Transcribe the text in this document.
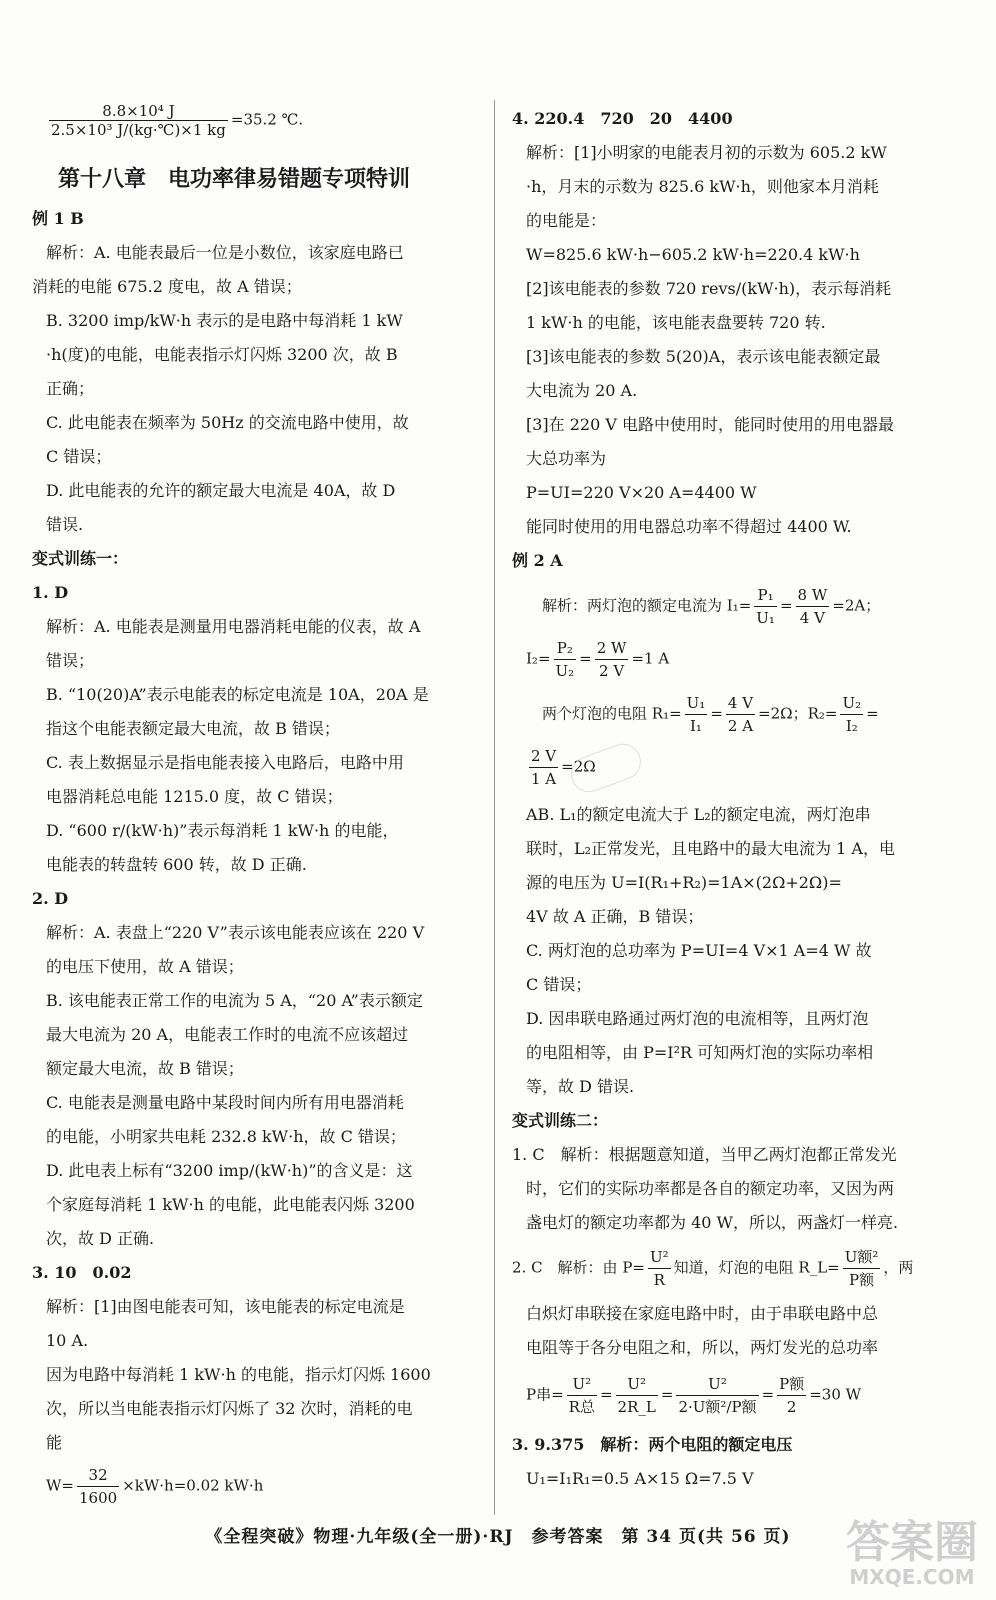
$\frac{\text{8.8×10⁴ J}}{\text{2.5×10³ J/(kg·℃)×1 kg}} =35.2$ ℃.
第十八章　电功率律易错题专项特训
例 1 B
解析：A. 电能表最后一位是小数位，该家庭电路已
消耗的电能 675.2 度电，故 A 错误；
B. 3200 imp/kW·h 表示的是电路中每消耗 1 kW
·h(度)的电能，电能表指示灯闪烁 3200 次，故 B
正确；
C. 此电能表在频率为 50Hz 的交流电路中使用，故
C 错误；
D. 此电能表的允许的额定最大电流是 40A，故 D
错误.
变式训练一：
1. D
解析：A. 电能表是测量用电器消耗电能的仪表，故 A
错误；
B. “10(20)A”表示电能表的标定电流是 10A，20A 是
指这个电能表额定最大电流，故 B 错误；
C. 表上数据显示是指电能表接入电路后，电路中用
电器消耗总电能 1215.0 度，故 C 错误；
D. “600 r/(kW·h)”表示每消耗 1 kW·h 的电能，
电能表的转盘转 600 转，故 D 正确.
2. D
解析：A. 表盘上“220 V”表示该电能表应该在 220 V
的电压下使用，故 A 错误；
B. 该电能表正常工作的电流为 5 A，“20 A”表示额定
最大电流为 20 A，电能表工作时的电流不应该超过
额定最大电流，故 B 错误；
C. 电能表是测量电路中某段时间内所有用电器消耗
的电能，小明家共电耗 232.8 kW·h，故 C 错误；
D. 此电表上标有“3200 imp/(kW·h)”的含义是：这
个家庭每消耗 1 kW·h 的电能，此电能表闪烁 3200
次，故 D 正确.
3. 10　0.02
解析：[1]由图电能表可知，该电能表的标定电流是
10 A.
因为电路中每消耗 1 kW·h 的电能，指示灯闪烁 1600
次，所以当电能表指示灯闪烁了 32 次时，消耗的电
能
$W= \frac{32}{1600} \times kW\cdot h=0.02$ kW·h
4. 220.4　720　20　4400
解析：[1]小明家的电能表月初的示数为 605.2 kW
·h，月末的示数为 825.6 kW·h，则他家本月消耗
的电能是：
W=825.6 kW·h−605.2 kW·h=220.4 kW·h
[2]该电能表的参数 720 revs/(kW·h)，表示每消耗
1 kW·h 的电能，该电能表盘要转 720 转.
[3]该电能表的参数 5(20)A，表示该电能表额定最
大电流为 20 A.
[3]在 220 V 电路中使用时，能同时使用的用电器最
大总功率为
P=UI=220 V×20 A=4400 W
能同时使用的用电器总功率不得超过 4400 W.
例 2 A
解析：两灯泡的额定电流为 $I_1= \frac{\text{P₁}}{\text{U₁}} = \frac{8 W}{4 V} =2A$；
$I_2= \frac{\text{P₂}}{\text{U₂}} = \frac{2 W}{2 V} =1$ A
两个灯泡的电阻 $R_1= \frac{\text{U₁}}{\text{I₁}} = \frac{4 V}{2 A} =2\Omega$；$R_2= \frac{\text{U₂}}{\text{I₂}}$ =
$\frac{2 V}{1 A} =2\Omega$
AB. L₁的额定电流大于 L₂的额定电流，两灯泡串
联时，L₂正常发光，且电路中的最大电流为 1 A，电
源的电压为 U=I(R₁+R₂)=1A×(2Ω+2Ω)=
4V 故 A 正确，B 错误；
C. 两灯泡的总功率为 P=UI=4 V×1 A=4 W 故
C 错误；
D. 因串联电路通过两灯泡的电流相等，且两灯泡
的电阻相等，由 P=I²R 可知两灯泡的实际功率相
等，故 D 错误.
变式训练二：
1. C　解析：根据题意知道，当甲乙两灯泡都正常发光
时，它们的实际功率都是各自的额定功率，又因为两
盏电灯的额定功率都为 40 W，所以，两盏灯一样亮.
2. C　解析：由 $P= \frac{\text{U²}}{R}$ 知道，灯泡的电阻 R_L= $\frac{\text{U额²}}{\text{P额}}$ ，两
白炽灯串联接在家庭电路中时，由于串联电路中总
电阻等于各分电阻之和，所以，两灯发光的总功率
P串= $\frac{\text{U²}}{\text{R总}} = \frac{\text{U²}}{2R\_L} = \frac{\text{U²}}{\text{2·U额²/P额}} = \frac{\text{P额}}{2} =30$ W
3. 9.375　解析：两个电阻的额定电压
U₁=I₁R₁=0.5 A×15 Ω=7.5 V
《全程突破》物理·九年级(全一册)·RJ　参考答案　第 34 页(共 56 页)	答案圈
MXQE.COM
